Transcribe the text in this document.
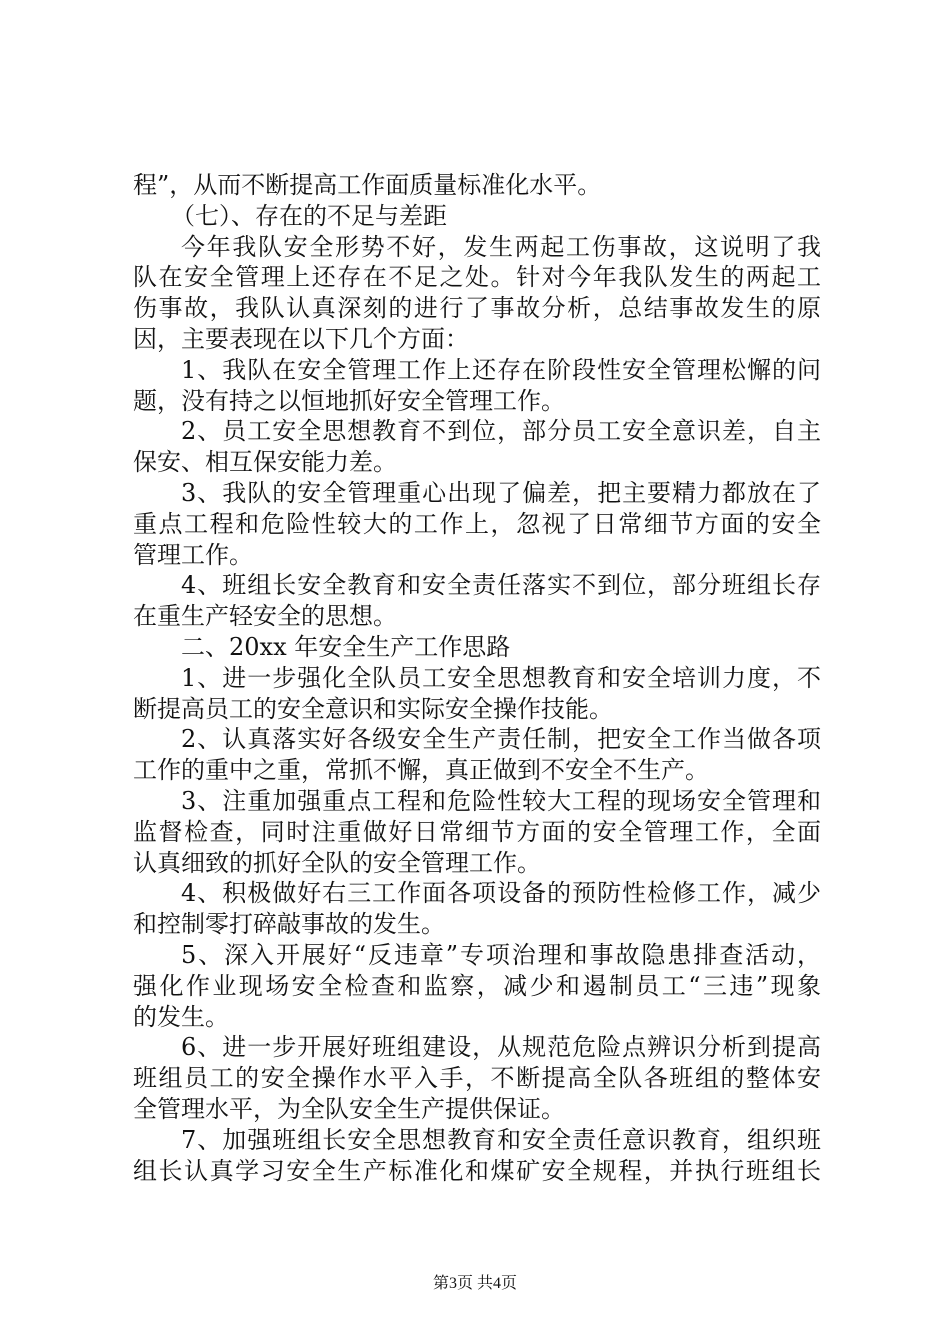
程”，从而不断提高工作面质量标准化水平。
（七）、存在的不足与差距
今年我队安全形势不好，发生两起工伤事故，这说明了我
队在安全管理上还存在不足之处。针对今年我队发生的两起工
伤事故，我队认真深刻的进行了事故分析，总结事故发生的原
因，主要表现在以下几个方面：
1、我队在安全管理工作上还存在阶段性安全管理松懈的问
题，没有持之以恒地抓好安全管理工作。
2、员工安全思想教育不到位，部分员工安全意识差，自主
保安、相互保安能力差。
3、我队的安全管理重心出现了偏差，把主要精力都放在了
重点工程和危险性较大的工作上，忽视了日常细节方面的安全
管理工作。
4、班组长安全教育和安全责任落实不到位，部分班组长存
在重生产轻安全的思想。
二、20xx 年安全生产工作思路
1、进一步强化全队员工安全思想教育和安全培训力度，不
断提高员工的安全意识和实际安全操作技能。
2、认真落实好各级安全生产责任制，把安全工作当做各项
工作的重中之重，常抓不懈，真正做到不安全不生产。
3、注重加强重点工程和危险性较大工程的现场安全管理和
监督检查，同时注重做好日常细节方面的安全管理工作，全面
认真细致的抓好全队的安全管理工作。
4、积极做好右三工作面各项设备的预防性检修工作，减少
和控制零打碎敲事故的发生。
5、深入开展好“反违章”专项治理和事故隐患排查活动，
强化作业现场安全检查和监察，减少和遏制员工“三违”现象
的发生。
6、进一步开展好班组建设，从规范危险点辨识分析到提高
班组员工的安全操作水平入手，不断提高全队各班组的整体安
全管理水平，为全队安全生产提供保证。
7、加强班组长安全思想教育和安全责任意识教育，组织班
组长认真学习安全生产标准化和煤矿安全规程，并执行班组长
第3页 共4页
